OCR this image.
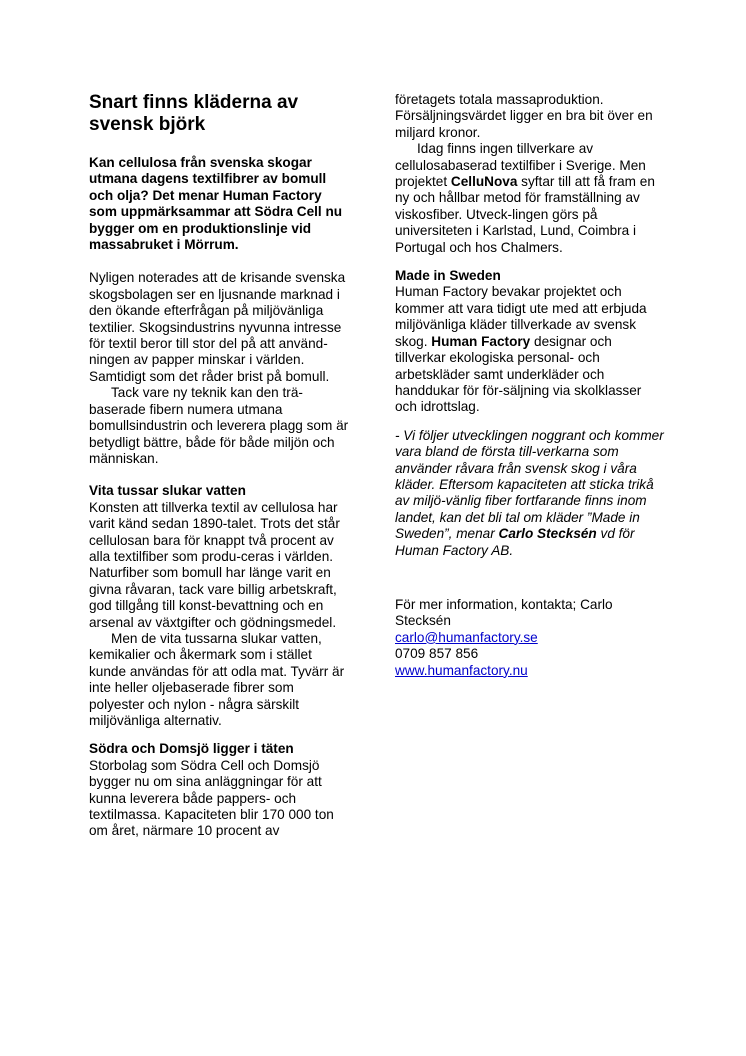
Snart finns kläderna av svensk björk
Kan cellulosa från svenska skogar utmana dagens textilfibrer av bomull och olja? Det menar Human Factory som uppmärksammar att Södra Cell nu bygger om en produktionslinje vid massabruket i Mörrum.

Nyligen noterades att de krisande svenska skogsbolagen ser en ljusnande marknad i den ökande efterfrågan på miljövänliga textilier. Skogsindustrins nyvunna intresse för textil beror till stor del på att använd-ningen av papper minskar i världen. Samtidigt som det råder brist på bomull.

Tack vare ny teknik kan den trä-baserade fibern numera utmana bomullsindustrin och leverera plagg som är betydligt bättre, både för både miljön och människan.

Vita tussar slukar vatten

Konsten att tillverka textil av cellulosa har varit känd sedan 1890-talet. Trots det står cellulosan bara för knappt två procent av alla textilfiber som produ-ceras i världen.

Naturfiber som bomull har länge varit en givna råvaran, tack vare billig arbetskraft, god tillgång till konst-bevattning och en arsenal av växtgifter och gödningsmedel.

Men de vita tussarna slukar vatten, kemikalier och åkermark som i stället kunde användas för att odla mat. Tyvärr är inte heller oljebaserade fibrer som polyester och nylon - några särskilt miljövänliga alternativ.

Södra och Domsjö ligger i täten

Storbolag som Södra Cell och Domsjö bygger nu om sina anläggningar för att kunna leverera både pappers- och textilmassa. Kapaciteten blir 170 000 ton om året, närmare 10 procent av

företagets totala massaproduktion. Försäljningsvärdet ligger en bra bit över en miljard kronor.

Idag finns ingen tillverkare av cellulosabaserad textilfiber i Sverige. Men projektet CelluNova syftar till att få fram en ny och hållbar metod för framställning av viskosfiber. Utveck-lingen görs på universiteten i Karlstad, Lund, Coimbra i Portugal och hos Chalmers.

Made in Sweden

Human Factory bevakar projektet och kommer att vara tidigt ute med att erbjuda miljövänliga kläder tillverkade av svensk skog. Human Factory designar och tillverkar ekologiska personal- och arbetskläder samt underkläder och handdukar för för-säljning via skolklasser och idrottslag.

- Vi följer utvecklingen noggrant och kommer vara bland de första till-verkarna som använder råvara från svensk skog i våra kläder. Eftersom kapaciteten att sticka trikå av miljö-vänlig fiber fortfarande finns inom landet, kan det bli tal om kläder ”Made in Sweden”, menar Carlo Stecksén vd för Human Factory AB.

För mer information, kontakta; Carlo Stecksén
carlo@humanfactory.se
0709 857 856
www.humanfactory.nu
